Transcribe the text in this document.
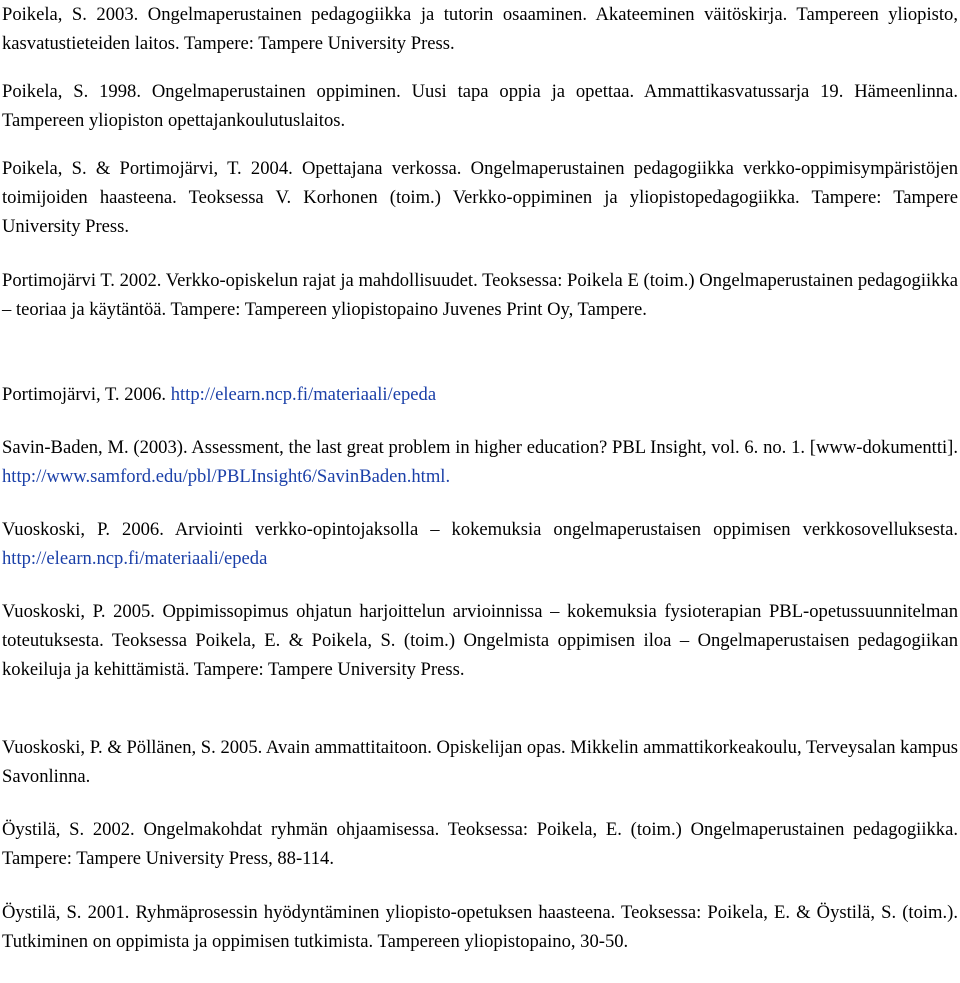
Poikela, S. 2003. Ongelmaperustainen pedagogiikka ja tutorin osaaminen. Akateeminen väitöskirja. Tampereen yliopisto, kasvatustieteiden laitos. Tampere: Tampere University Press.

Poikela, S. 1998. Ongelmaperustainen oppiminen. Uusi tapa oppia ja opettaa. Ammattikasvatussarja 19. Hämeenlinna. Tampereen yliopiston opettajankoulutuslaitos.

Poikela, S. & Portimojärvi, T. 2004. Opettajana verkossa. Ongelmaperustainen pedagogiikka verkko-oppimisympäristöjen toimijoiden haasteena. Teoksessa V. Korhonen (toim.) Verkko-oppiminen ja yliopistopedagogiikka. Tampere: Tampere University Press.

Portimojärvi T. 2002. Verkko-opiskelun rajat ja mahdollisuudet. Teoksessa: Poikela E (toim.) Ongelmaperustainen pedagogiikka – teoriaa ja käytäntöä. Tampere: Tampereen yliopistopaino Juvenes Print Oy, Tampere.

Portimojärvi, T. 2006. http://elearn.ncp.fi/materiaali/epeda

Savin-Baden, M. (2003). Assessment, the last great problem in higher education? PBL Insight, vol. 6. no. 1. [www-dokumentti]. http://www.samford.edu/pbl/PBLInsight6/SavinBaden.html.

Vuoskoski, P. 2006. Arviointi verkko-opintojaksolla – kokemuksia ongelmaperustaisen oppimisen verkkosovelluksesta. http://elearn.ncp.fi/materiaali/epeda

Vuoskoski, P. 2005. Oppimissopimus ohjatun harjoittelun arvioinnissa – kokemuksia fysioterapian PBL-opetussuunnitelman toteutuksesta. Teoksessa Poikela, E. & Poikela, S. (toim.) Ongelmista oppimisen iloa – Ongelmaperustaisen pedagogiikan kokeiluja ja kehittämistä. Tampere: Tampere University Press.

Vuoskoski, P. & Pöllänen, S. 2005. Avain ammattitaitoon. Opiskelijan opas. Mikkelin ammattikorkeakoulu, Terveysalan kampus Savonlinna.

Öystilä, S. 2002. Ongelmakohdat ryhmän ohjaamisessa. Teoksessa: Poikela, E. (toim.) Ongelmaperustainen pedagogiikka. Tampere: Tampere University Press, 88-114.

Öystilä, S. 2001. Ryhmäprosessin hyödyntäminen yliopisto-opetuksen haasteena. Teoksessa: Poikela, E. & Öystilä, S. (toim.). Tutkiminen on oppimista ja oppimisen tutkimista. Tampereen yliopistopaino, 30-50.
